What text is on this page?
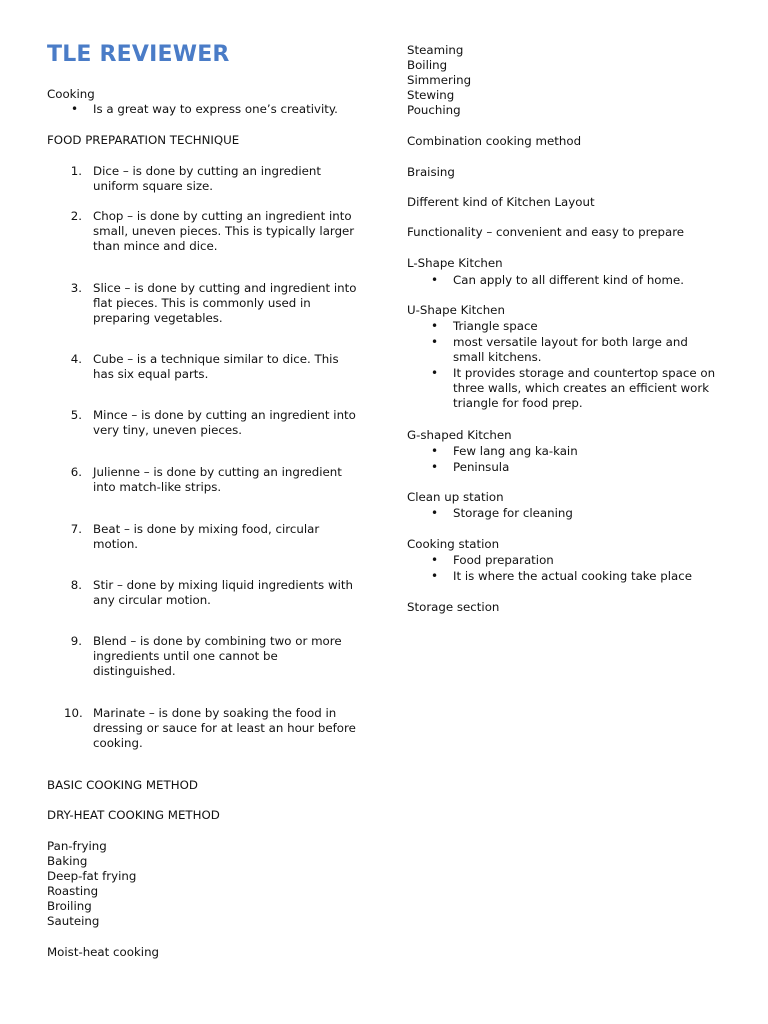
TLE REVIEWER
Cooking
• Is a great way to express one’s creativity.
FOOD PREPARATION TECHNIQUE
1. Dice – is done by cutting an ingredient
uniform square size.
2. Chop – is done by cutting an ingredient into
small, uneven pieces. This is typically larger
than mince and dice.
3. Slice – is done by cutting and ingredient into
flat pieces. This is commonly used in
preparing vegetables.
4. Cube – is a technique similar to dice. This
has six equal parts.
5. Mince – is done by cutting an ingredient into
very tiny, uneven pieces.
6. Julienne – is done by cutting an ingredient
into match-like strips.
7. Beat – is done by mixing food, circular
motion.
8. Stir – done by mixing liquid ingredients with
any circular motion.
9. Blend – is done by combining two or more
ingredients until one cannot be
distinguished.
10. Marinate – is done by soaking the food in
dressing or sauce for at least an hour before
cooking.
BASIC COOKING METHOD
DRY-HEAT COOKING METHOD
Pan-frying
Baking
Deep-fat frying
Roasting
Broiling
Sauteing
Moist-heat cooking
Steaming
Boiling
Simmering
Stewing
Pouching
Combination cooking method
Braising
Different kind of Kitchen Layout
Functionality – convenient and easy to prepare
L-Shape Kitchen
• Can apply to all different kind of home.
U-Shape Kitchen
• Triangle space
• most versatile layout for both large and
small kitchens.
• It provides storage and countertop space on
three walls, which creates an efficient work
triangle for food prep.
G-shaped Kitchen
• Few lang ang ka-kain
• Peninsula
Clean up station
• Storage for cleaning
Cooking station
• Food preparation
• It is where the actual cooking take place
Storage section
